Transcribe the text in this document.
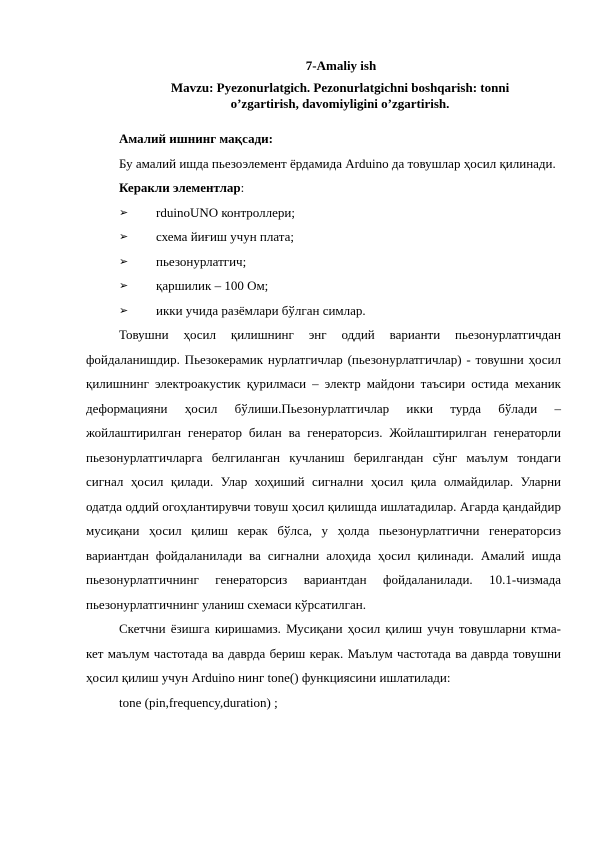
7-Amaliy ish

Mavzu: Pyezonurlatgich. Pezonurlatgichni boshqarish: tonni
o’zgartirish, davomiyligini o’zgartirish.

Амалий ишнинг мақсади:

Бу амалий ишда пьезоэлемент ёрдамида Arduino да товушлар ҳосил қилинади.

Керакли элементлар:

➢ rduinoUNO контроллери;
➢ схема йиғиш учун плата;
➢ пьезонурлатгич;
➢ қаршилик – 100 Ом;
➢ икки учида разёмлари бўлган симлар.

Товушни ҳосил қилишнинг энг оддий варианти пьезонурлатгичдан фойдаланишдир. Пьезокерамик нурлатгичлар (пьезонурлатгичлар) - товушни ҳосил қилишнинг электроакустик қурилмаси – электр майдони таъсири остида механик деформацияни ҳосил бўлиши.Пьезонурлатгичлар икки турда бўлади – жойлаштирилган генератор билан ва генераторсиз. Жойлаштирилган генераторли пьезонурлатгичларга белгиланган кучланиш берилгандан сўнг маълум тондаги сигнал ҳосил қилади. Улар хоҳиший сигнални ҳосил қила олмайдилар. Уларни одатда оддий огоҳлантирувчи товуш ҳосил қилишда ишлатадилар. Агарда қандайдир мусиқани ҳосил қилиш керак бўлса, у ҳолда пьезонурлатгични генераторсиз вариантдан фойдаланилади ва сигнални алоҳида ҳосил қилинади. Амалий ишда пьезонурлатгичнинг генераторсиз вариантдан фойдаланилади. 10.1-чизмада пьезонурлатгичнинг уланиш схемаси кўрсатилган.

Скетчни ёзишга киришамиз. Мусиқани ҳосил қилиш учун товушларни ктма-кет маълум частотада ва даврда бериш керак. Маълум частотада ва даврда товушни ҳосил қилиш учун Arduino нинг tone() функциясини ишлатилади:

tone (pin,frequency,duration) ;
